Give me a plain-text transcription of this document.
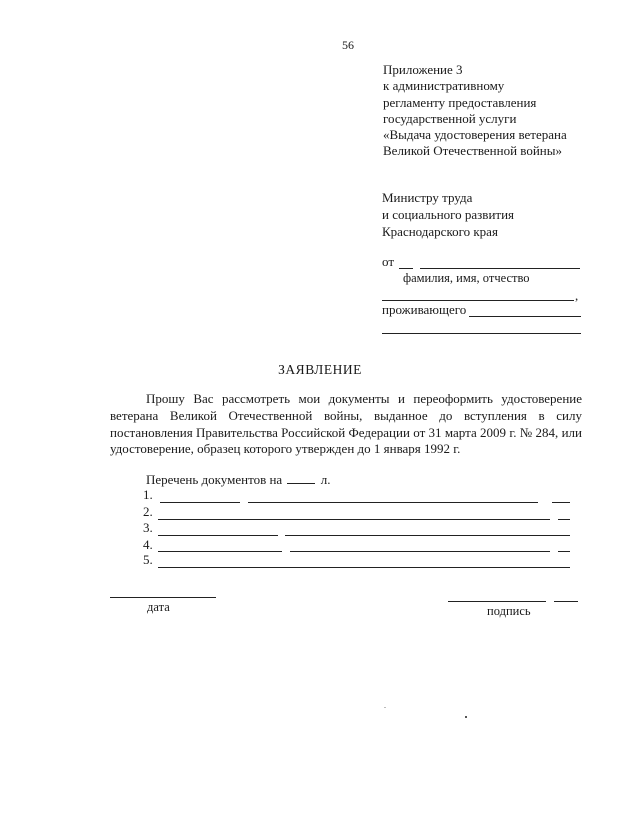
56
Приложение 3
к административному
регламенту предоставления
государственной услуги
«Выдача удостоверения ветерана
Великой Отечественной войны»
Министру труда
и социального развития
Краснодарского края
от
фамилия, имя, отчество
,
проживающего
ЗАЯВЛЕНИЕ

Прошу Вас рассмотреть мои документы и переоформить удостоверение ветерана Великой Отечественной войны, выданное до вступления в силу постановления Правительства Российской Федерации от 31 марта 2009 г. № 284, или удостоверение, образец которого утвержден до 1 января 1992 г.

Перечень документов на	л.
1.
2.
3.
4.
5.
дата	подпись
